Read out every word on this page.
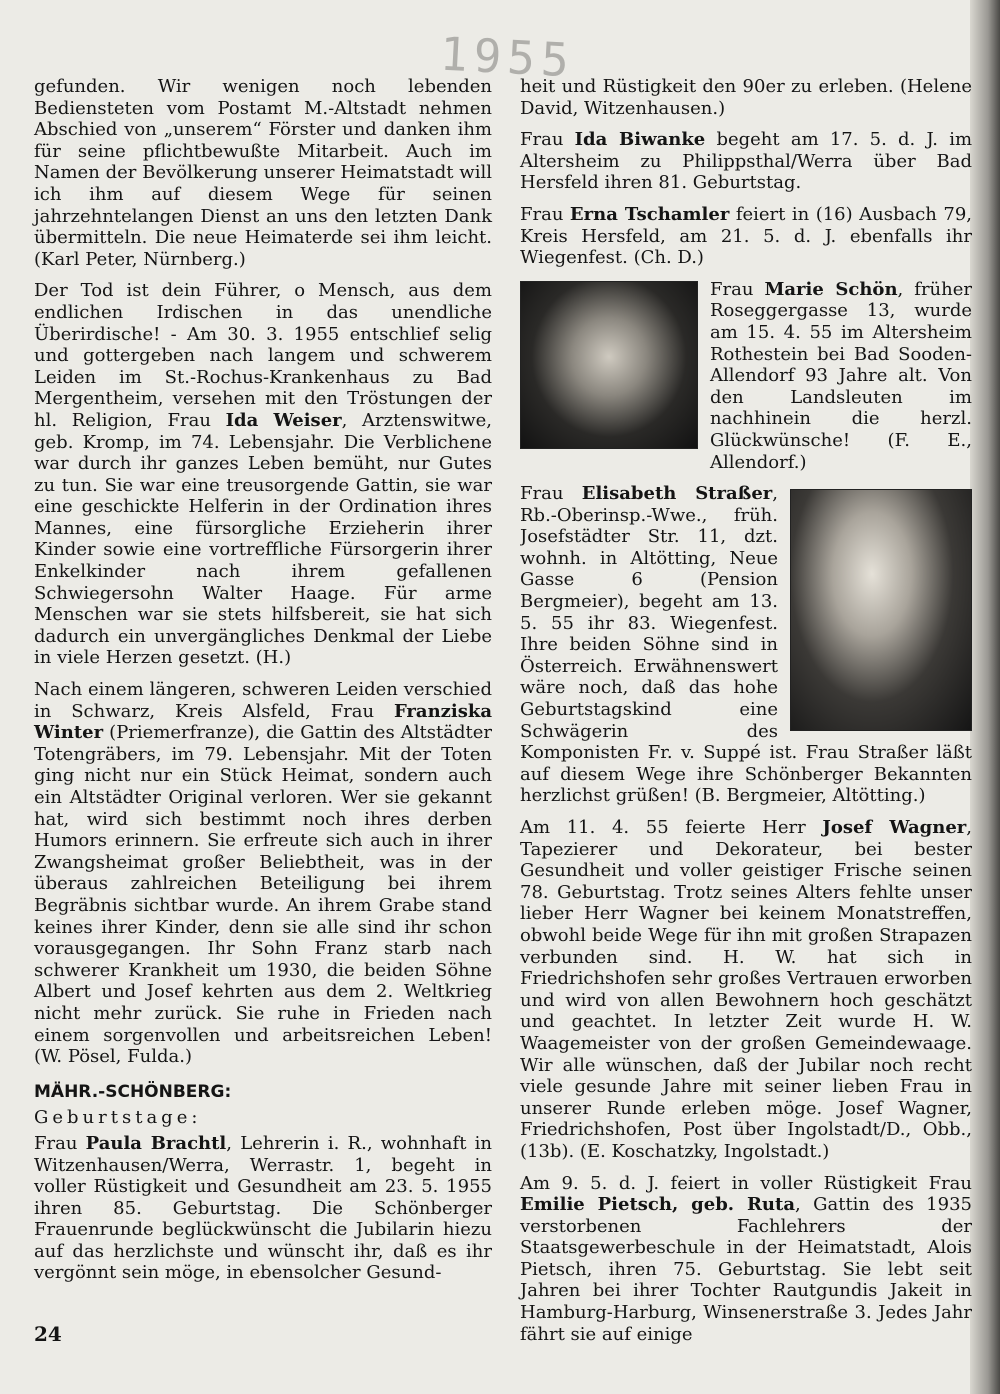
1955

gefunden. Wir wenigen noch lebenden Bediensteten vom Postamt M.-Altstadt nehmen Abschied von „unserem“ Förster und danken ihm für seine pflichtbewußte Mitarbeit. Auch im Namen der Bevölkerung unserer Heimatstadt will ich ihm auf diesem Wege für seinen jahrzehntelangen Dienst an uns den letzten Dank übermitteln. Die neue Heimaterde sei ihm leicht. (Karl Peter, Nürnberg.)

Der Tod ist dein Führer, o Mensch, aus dem endlichen Irdischen in das unendliche Überirdische! - Am 30. 3. 1955 entschlief selig und gottergeben nach langem und schwerem Leiden im St.-Rochus-Krankenhaus zu Bad Mergentheim, versehen mit den Tröstungen der hl. Religion, Frau Ida Weiser, Arztenswitwe, geb. Kromp, im 74. Lebensjahr. Die Verblichene war durch ihr ganzes Leben bemüht, nur Gutes zu tun. Sie war eine treusorgende Gattin, sie war eine geschickte Helferin in der Ordination ihres Mannes, eine fürsorgliche Erzieherin ihrer Kinder sowie eine vortreffliche Fürsorgerin ihrer Enkelkinder nach ihrem gefallenen Schwiegersohn Walter Haage. Für arme Menschen war sie stets hilfsbereit, sie hat sich dadurch ein unvergängliches Denkmal der Liebe in viele Herzen gesetzt. (H.)

Nach einem längeren, schweren Leiden verschied in Schwarz, Kreis Alsfeld, Frau Franziska Winter (Priemerfranze), die Gattin des Altstädter Totengräbers, im 79. Lebensjahr. Mit der Toten ging nicht nur ein Stück Heimat, sondern auch ein Altstädter Original verloren. Wer sie gekannt hat, wird sich bestimmt noch ihres derben Humors erinnern. Sie erfreute sich auch in ihrer Zwangsheimat großer Beliebtheit, was in der überaus zahlreichen Beteiligung bei ihrem Begräbnis sichtbar wurde. An ihrem Grabe stand keines ihrer Kinder, denn sie alle sind ihr schon vorausgegangen. Ihr Sohn Franz starb nach schwerer Krankheit um 1930, die beiden Söhne Albert und Josef kehrten aus dem 2. Weltkrieg nicht mehr zurück. Sie ruhe in Frieden nach einem sorgenvollen und arbeitsreichen Leben! (W. Pösel, Fulda.)

MÄHR.-SCHÖNBERG:
Geburtstage:

Frau Paula Brachtl, Lehrerin i. R., wohnhaft in Witzenhausen/Werra, Werrastr. 1, begeht in voller Rüstigkeit und Gesundheit am 23. 5. 1955 ihren 85. Geburtstag. Die Schönberger Frauenrunde beglückwünscht die Jubilarin hiezu auf das herzlichste und wünscht ihr, daß es ihr vergönnt sein möge, in ebensolcher Gesund-

heit und Rüstigkeit den 90er zu erleben. (Helene David, Witzenhausen.)

Frau Ida Biwanke begeht am 17. 5. d. J. im Altersheim zu Philippsthal/Werra über Bad Hersfeld ihren 81. Geburtstag.

Frau Erna Tschamler feiert in (16) Ausbach 79, Kreis Hersfeld, am 21. 5. d. J. ebenfalls ihr Wiegenfest. (Ch. D.)

Frau Marie Schön, früher Roseggergasse 13, wurde am 15. 4. 55 im Altersheim Rothestein bei Bad Sooden-Allendorf 93 Jahre alt. Von den Landsleuten im nachhinein die herzl. Glückwünsche! (F. E., Allendorf.)

Frau Elisabeth Straßer, Rb.-Oberinsp.-Wwe., früh. Josefstädter Str. 11, dzt. wohnh. in Altötting, Neue Gasse 6 (Pension Bergmeier), begeht am 13. 5. 55 ihr 83. Wiegenfest. Ihre beiden Söhne sind in Österreich. Erwähnenswert wäre noch, daß das hohe Geburtstagskind eine Schwägerin des Komponisten Fr. v. Suppé ist. Frau Straßer läßt auf diesem Wege ihre Schönberger Bekannten herzlichst grüßen! (B. Bergmeier, Altötting.)

Am 11. 4. 55 feierte Herr Josef Wagner, Tapezierer und Dekorateur, bei bester Gesundheit und voller geistiger Frische seinen 78. Geburtstag. Trotz seines Alters fehlte unser lieber Herr Wagner bei keinem Monatstreffen, obwohl beide Wege für ihn mit großen Strapazen verbunden sind. H. W. hat sich in Friedrichshofen sehr großes Vertrauen erworben und wird von allen Bewohnern hoch geschätzt und geachtet. In letzter Zeit wurde H. W. Waagemeister von der großen Gemeindewaage. Wir alle wünschen, daß der Jubilar noch recht viele gesunde Jahre mit seiner lieben Frau in unserer Runde erleben möge. Josef Wagner, Friedrichshofen, Post über Ingolstadt/D., Obb., (13b). (E. Koschatzky, Ingolstadt.)

Am 9. 5. d. J. feiert in voller Rüstigkeit Frau Emilie Pietsch, geb. Ruta, Gattin des 1935 verstorbenen Fachlehrers der Staatsgewerbeschule in der Heimatstadt, Alois Pietsch, ihren 75. Geburtstag. Sie lebt seit Jahren bei ihrer Tochter Rautgundis Jakeit in Hamburg-Harburg, Winsenerstraße 3. Jedes Jahr fährt sie auf einige

24
